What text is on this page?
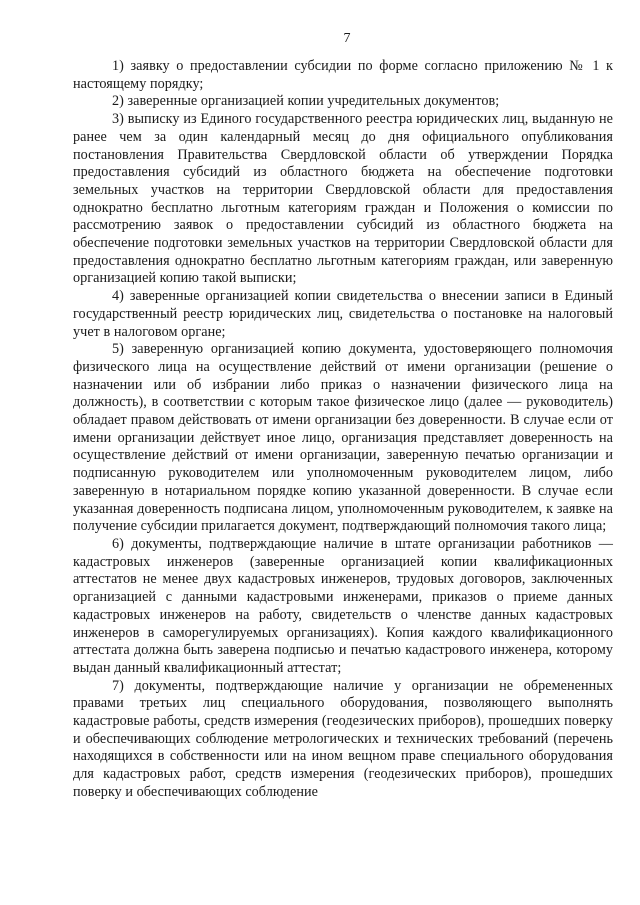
7

1) заявку о предоставлении субсидии по форме согласно приложению № 1 к настоящему порядку;

2) заверенные организацией копии учредительных документов;

3) выписку из Единого государственного реестра юридических лиц, выданную не ранее чем за один календарный месяц до дня официального опубликования постановления Правительства Свердловской области об утверждении Порядка предоставления субсидий из областного бюджета на обеспечение подготовки земельных участков на территории Свердловской области для предоставления однократно бесплатно льготным категориям граждан и Положения о комиссии по рассмотрению заявок о предоставлении субсидий из областного бюджета на обеспечение подготовки земельных участков на территории Свердловской области для предоставления однократно бесплатно льготным категориям граждан, или заверенную организацией копию такой выписки;

4) заверенные организацией копии свидетельства о внесении записи в Единый государственный реестр юридических лиц, свидетельства о постановке на налоговый учет в налоговом органе;

5) заверенную организацией копию документа, удостоверяющего полномочия физического лица на осуществление действий от имени организации (решение о назначении или об избрании либо приказ о назначении физического лица на должность), в соответствии с которым такое физическое лицо (далее — руководитель) обладает правом действовать от имени организации без доверенности. В случае если от имени организации действует иное лицо, организация представляет доверенность на осуществление действий от имени организации, заверенную печатью организации и подписанную руководителем или уполномоченным руководителем лицом, либо заверенную в нотариальном порядке копию указанной доверенности. В случае если указанная доверенность подписана лицом, уполномоченным руководителем, к заявке на получение субсидии прилагается документ, подтверждающий полномочия такого лица;

6) документы, подтверждающие наличие в штате организации работников — кадастровых инженеров (заверенные организацией копии квалификационных аттестатов не менее двух кадастровых инженеров, трудовых договоров, заключенных организацией с данными кадастровыми инженерами, приказов о приеме данных кадастровых инженеров на работу, свидетельств о членстве данных кадастровых инженеров в саморегулируемых организациях). Копия каждого квалификационного аттестата должна быть заверена подписью и печатью кадастрового инженера, которому выдан данный квалификационный аттестат;

7) документы, подтверждающие наличие у организации не обремененных правами третьих лиц специального оборудования, позволяющего выполнять кадастровые работы, средств измерения (геодезических приборов), прошедших поверку и обеспечивающих соблюдение метрологических и технических требований (перечень находящихся в собственности или на ином вещном праве специального оборудования для кадастровых работ, средств измерения (геодезических приборов), прошедших поверку и обеспечивающих соблюдение
